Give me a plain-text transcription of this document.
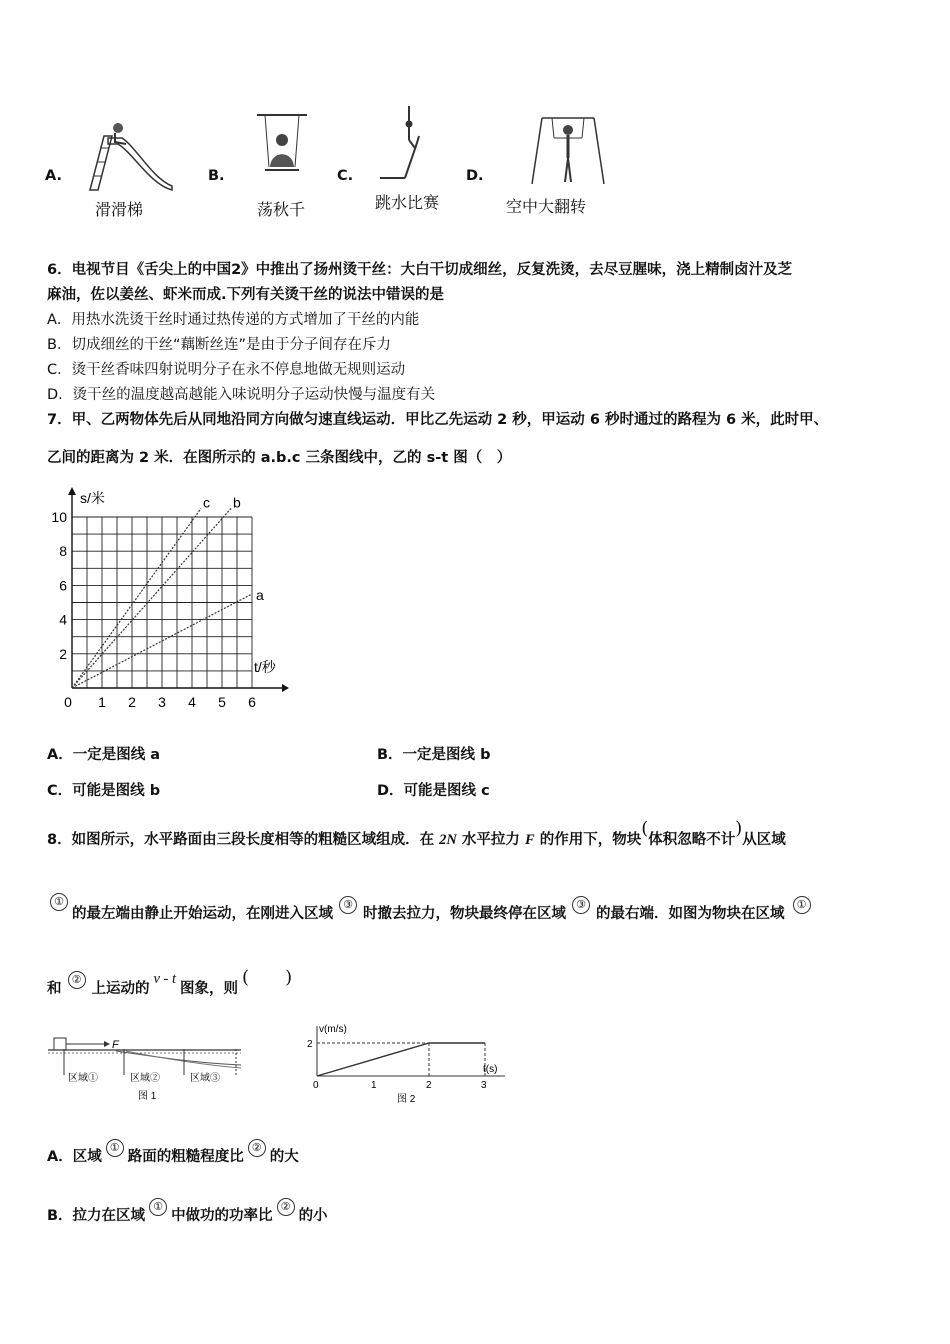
A.
滑滑梯
B.
荡秋千
C.
跳水比赛
D.
空中大翻转
6．电视节目《舌尖上的中国2》中推出了扬州烫干丝：大白干切成细丝，反复洗烫，去尽豆腥味，浇上精制卤汁及芝
麻油，佐以姜丝、虾米而成.下列有关烫干丝的说法中错误的是
A．用热水洗烫干丝时通过热传递的方式增加了干丝的内能
B．切成细丝的干丝“藕断丝连”是由于分子间存在斥力
C．烫干丝香味四射说明分子在永不停息地做无规则运动
D．烫干丝的温度越高越能入味说明分子运动快慢与温度有关
7．甲、乙两物体先后从同地沿同方向做匀速直线运动．甲比乙先运动 2 秒，甲运动 6 秒时通过的路程为 6 米，此时甲、
乙间的距离为 2 米．在图所示的 a.b.c 三条图线中，乙的 s-t 图（　）
s/米
t/秒
0 1 2 3 4 5 6
2
4
6
8
10
a
b
c
A．一定是图线 a	B．一定是图线 b
C．可能是图线 b	D．可能是图线 c
8．如图所示，水平路面由三段长度相等的粗糙区域组成．在 2N 水平拉力 F 的作用下，物块(体积忽略不计)从区域
①
的最左端由静止开始运动，在刚进入区域③时撤去拉力，物块最终停在区域③的最右端．如图为物块在区域①
和②上运动的v - t图象，则(　　)
F
区域①	区域②	区域③
图 1
v(m/s)
t(s)
2
0	1	2	3
图 2
A．区域①路面的粗糙程度比②的大
B．拉力在区域①中做功的功率比②的小
